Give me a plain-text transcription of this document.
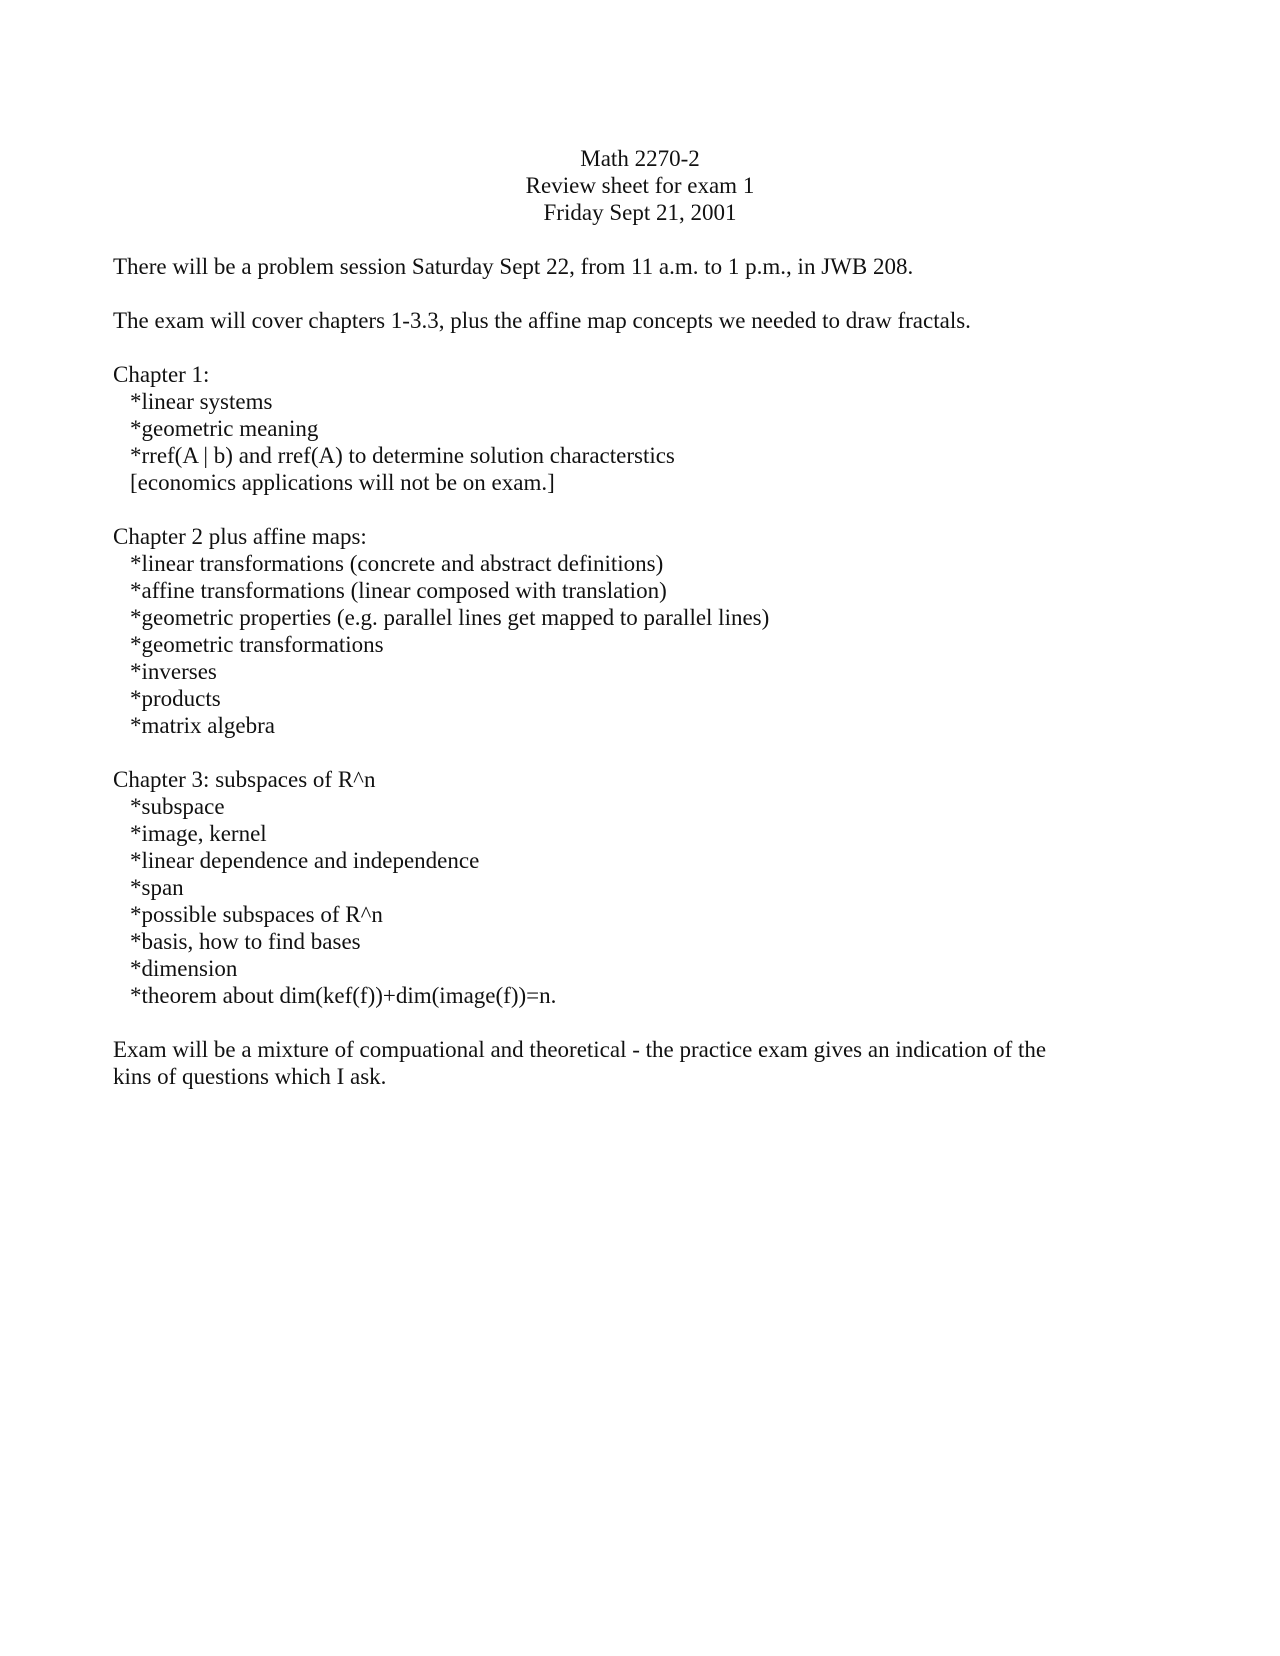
Math 2270-2
Review sheet for exam 1
Friday Sept 21, 2001

There will be a problem session Saturday Sept 22, from 11 a.m. to 1 p.m., in JWB 208.

The exam will cover chapters 1-3.3, plus the affine map concepts we needed to draw fractals.

Chapter 1:
*linear systems
*geometric meaning
*rref(A | b) and rref(A) to determine solution characterstics
[economics applications will not be on exam.]
Chapter 2 plus affine maps:
*linear transformations (concrete and abstract definitions)
*affine transformations (linear composed with translation)
*geometric properties (e.g. parallel lines get mapped to parallel lines)
*geometric transformations
*inverses
*products
*matrix algebra
Chapter 3: subspaces of R^n
*subspace
*image, kernel
*linear dependence and independence
*span
*possible subspaces of R^n
*basis, how to find bases
*dimension
*theorem about dim(kef(f))+dim(image(f))=n.
Exam will be a mixture of compuational and theoretical - the practice exam gives an indication of the
kins of questions which I ask.
